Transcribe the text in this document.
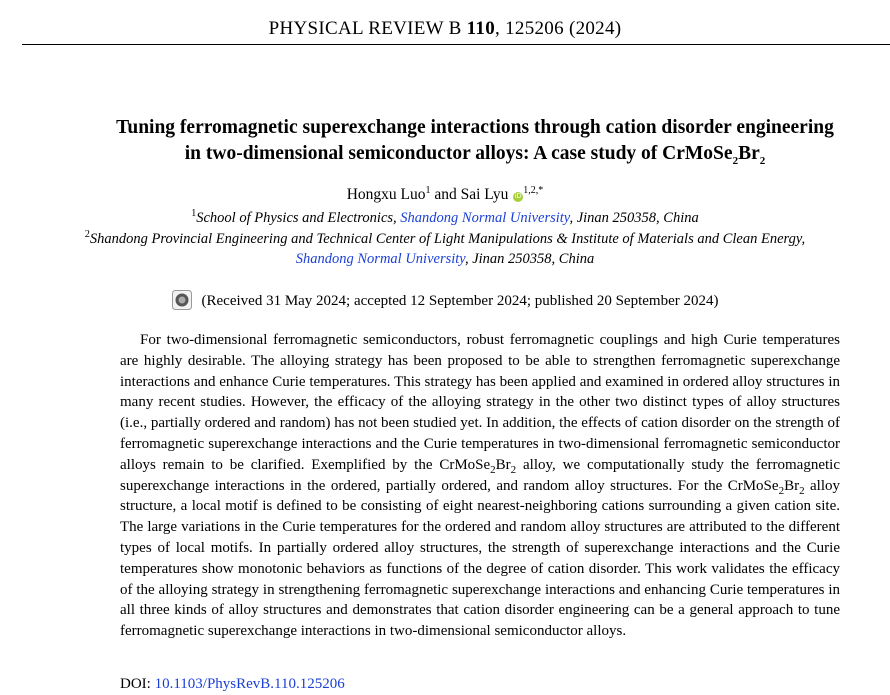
PHYSICAL REVIEW B 110, 125206 (2024)
Tuning ferromagnetic superexchange interactions through cation disorder engineering
in two-dimensional semiconductor alloys: A case study of $CrMoSe_2Br_2$
Hongxu Luo$^1$ and Sai Lyu $iD^{1,2,*}$
$^1$School of Physics and Electronics, Shandong Normal University, Jinan 250358, China
$^2$Shandong Provincial Engineering and Technical Center of Light Manipulations & Institute of Materials and Clean Energy,
Shandong Normal University, Jinan 250358, China
(Received 31 May 2024; accepted 12 September 2024; published 20 September 2024)
For two-dimensional ferromagnetic semiconductors, robust ferromagnetic couplings and high Curie temperatures are highly desirable. The alloying strategy has been proposed to be able to strengthen ferromagnetic superexchange interactions and enhance Curie temperatures. This strategy has been applied and examined in ordered alloy structures in many recent studies. However, the efficacy of the alloying strategy in the other two distinct types of alloy structures (i.e., partially ordered and random) has not been studied yet. In addition, the effects of cation disorder on the strength of ferromagnetic superexchange interactions and the Curie temperatures in two-dimensional ferromagnetic semiconductor alloys remain to be clarified. Exemplified by the $CrMoSe_2Br_2$ alloy, we computationally study the ferromagnetic superexchange interactions in the ordered, partially ordered, and random alloy structures. For the $CrMoSe_2Br_2$ alloy structure, a local motif is defined to be consisting of eight nearest-neighboring cations surrounding a given cation site. The large variations in the Curie temperatures for the ordered and random alloy structures are attributed to the different types of local motifs. In partially ordered alloy structures, the strength of superexchange interactions and the Curie temperatures show monotonic behaviors as functions of the degree of cation disorder. This work validates the efficacy of the alloying strategy in strengthening ferromagnetic superexchange interactions and enhancing Curie temperatures in all three kinds of alloy structures and demonstrates that cation disorder engineering can be a general approach to tune ferromagnetic superexchange interactions in two-dimensional semiconductor alloys.
DOI: 10.1103/PhysRevB.110.125206
